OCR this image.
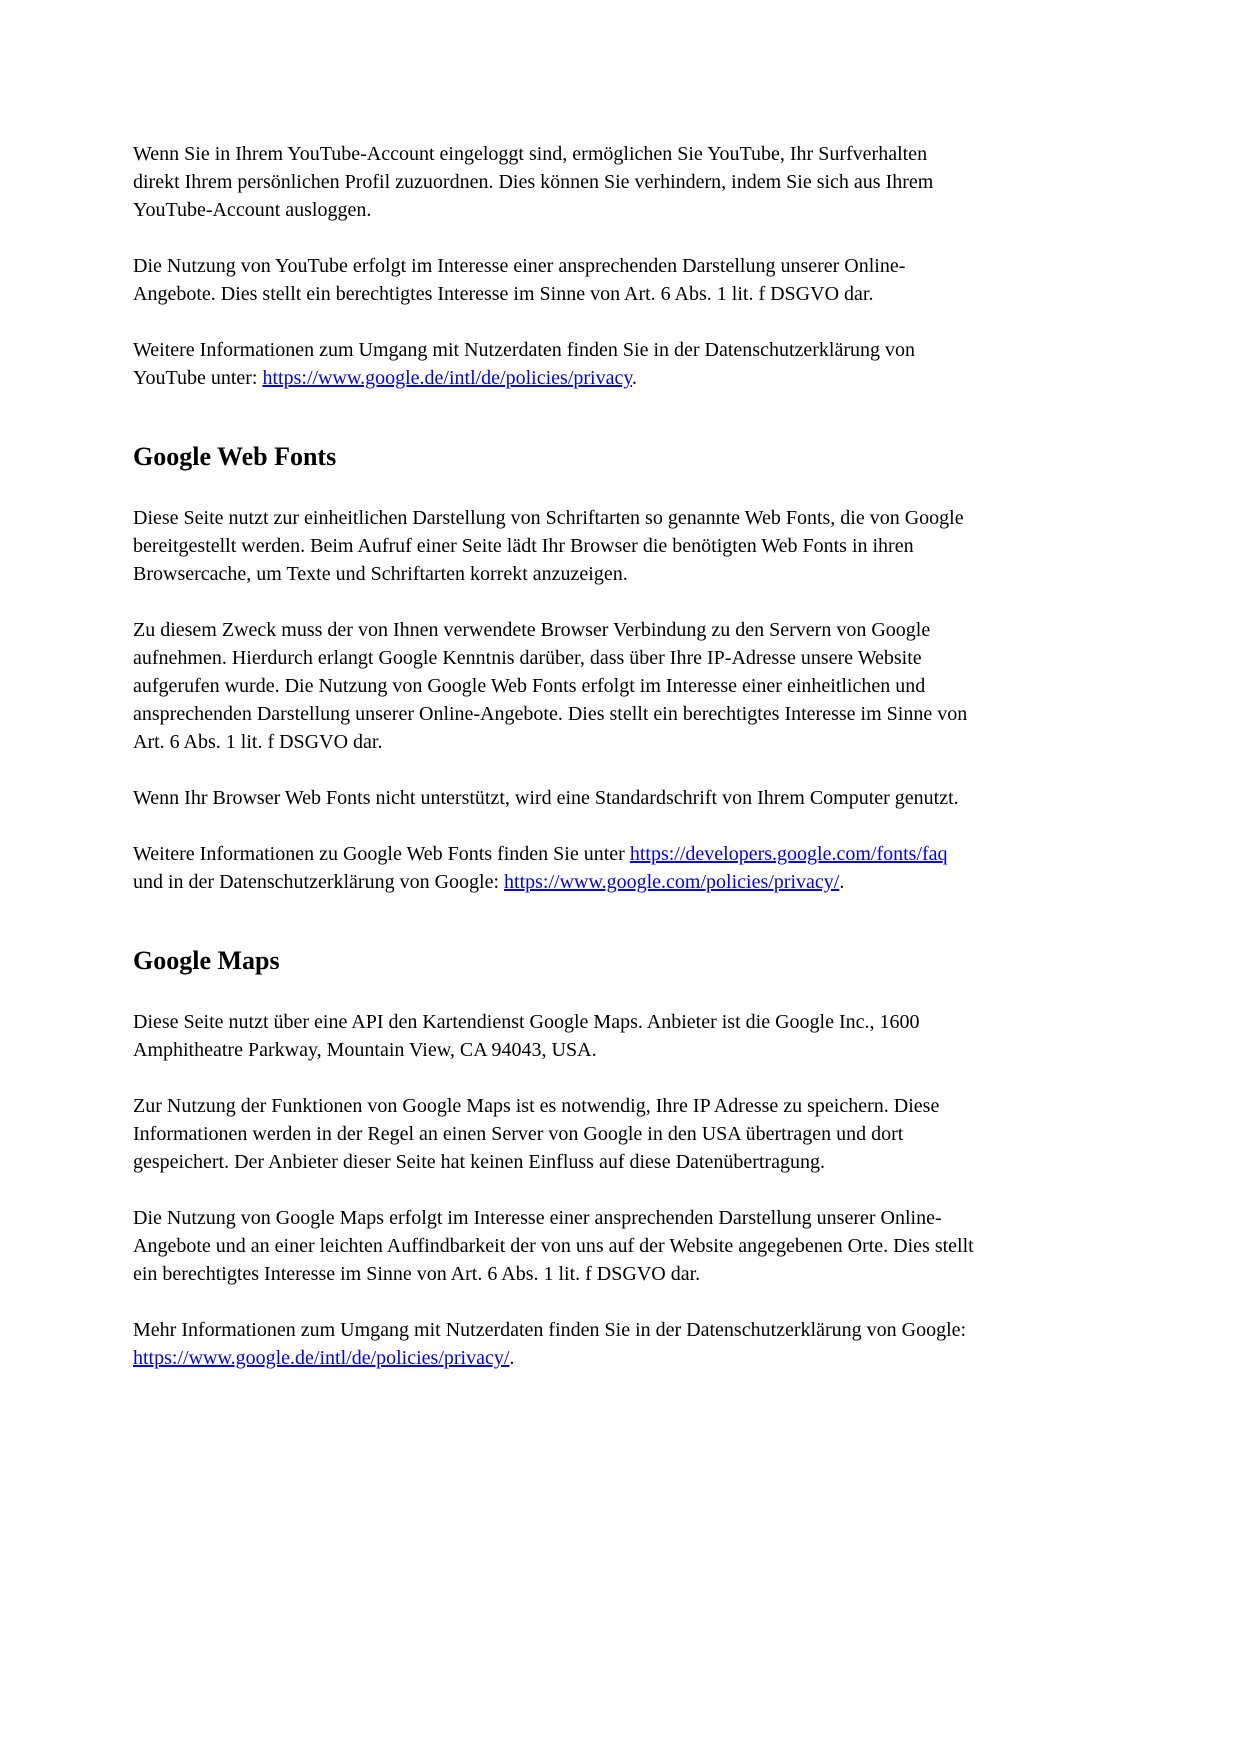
Wenn Sie in Ihrem YouTube-Account eingeloggt sind, ermöglichen Sie YouTube, Ihr Surfverhalten direkt Ihrem persönlichen Profil zuzuordnen. Dies können Sie verhindern, indem Sie sich aus Ihrem YouTube-Account ausloggen.

Die Nutzung von YouTube erfolgt im Interesse einer ansprechenden Darstellung unserer Online-Angebote. Dies stellt ein berechtigtes Interesse im Sinne von Art. 6 Abs. 1 lit. f DSGVO dar.

Weitere Informationen zum Umgang mit Nutzerdaten finden Sie in der Datenschutzerklärung von YouTube unter: https://www.google.de/intl/de/policies/privacy.

Google Web Fonts

Diese Seite nutzt zur einheitlichen Darstellung von Schriftarten so genannte Web Fonts, die von Google bereitgestellt werden. Beim Aufruf einer Seite lädt Ihr Browser die benötigten Web Fonts in ihren Browsercache, um Texte und Schriftarten korrekt anzuzeigen.

Zu diesem Zweck muss der von Ihnen verwendete Browser Verbindung zu den Servern von Google aufnehmen. Hierdurch erlangt Google Kenntnis darüber, dass über Ihre IP-Adresse unsere Website aufgerufen wurde. Die Nutzung von Google Web Fonts erfolgt im Interesse einer einheitlichen und ansprechenden Darstellung unserer Online-Angebote. Dies stellt ein berechtigtes Interesse im Sinne von Art. 6 Abs. 1 lit. f DSGVO dar.

Wenn Ihr Browser Web Fonts nicht unterstützt, wird eine Standardschrift von Ihrem Computer genutzt.

Weitere Informationen zu Google Web Fonts finden Sie unter https://developers.google.com/fonts/faq und in der Datenschutzerklärung von Google: https://www.google.com/policies/privacy/.

Google Maps

Diese Seite nutzt über eine API den Kartendienst Google Maps. Anbieter ist die Google Inc., 1600 Amphitheatre Parkway, Mountain View, CA 94043, USA.

Zur Nutzung der Funktionen von Google Maps ist es notwendig, Ihre IP Adresse zu speichern. Diese Informationen werden in der Regel an einen Server von Google in den USA übertragen und dort gespeichert. Der Anbieter dieser Seite hat keinen Einfluss auf diese Datenübertragung.

Die Nutzung von Google Maps erfolgt im Interesse einer ansprechenden Darstellung unserer Online-Angebote und an einer leichten Auffindbarkeit der von uns auf der Website angegebenen Orte. Dies stellt ein berechtigtes Interesse im Sinne von Art. 6 Abs. 1 lit. f DSGVO dar.

Mehr Informationen zum Umgang mit Nutzerdaten finden Sie in der Datenschutzerklärung von Google: https://www.google.de/intl/de/policies/privacy/.
